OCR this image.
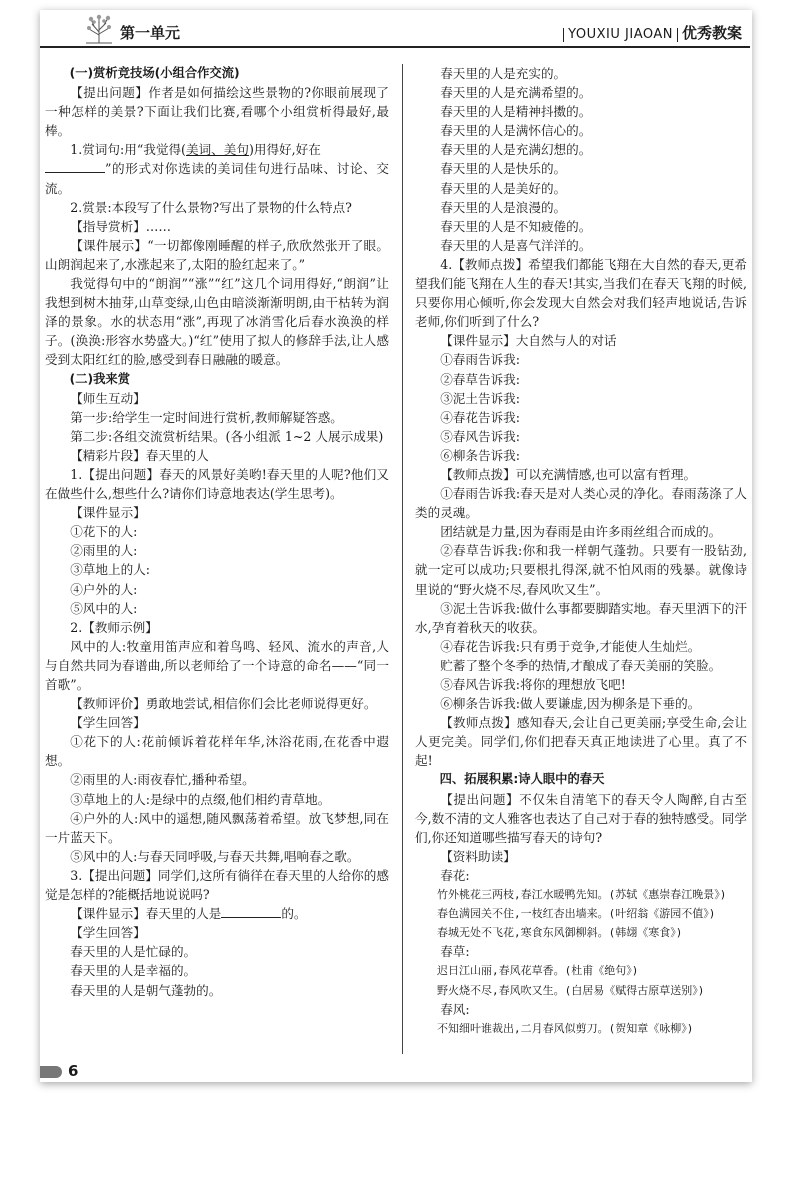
第一单元	YOUXIU JIAOAN 优秀教案

(一)赏析竞技场(小组合作交流)

【提出问题】作者是如何描绘这些景物的?你眼前展现了一种怎样的美景?下面让我们比赛,看哪个小组赏析得最好,最棒。

1.赏词句:用“我觉得(美词、美句)用得好,好在
”的形式对你选读的美词佳句进行品味、讨论、交流。

2.赏景:本段写了什么景物?写出了景物的什么特点?

【指导赏析】……

【课件展示】“一切都像刚睡醒的样子,欣欣然张开了眼。山朗润起来了,水涨起来了,太阳的脸红起来了。”

我觉得句中的“朗润”“涨”“红”这几个词用得好,“朗润”让我想到树木抽芽,山草变绿,山色由暗淡渐渐明朗,由干枯转为润泽的景象。水的状态用“涨”,再现了冰消雪化后春水涣涣的样子。(涣涣:形容水势盛大。)“红”使用了拟人的修辞手法,让人感受到太阳红红的脸,感受到春日融融的暖意。

(二)我来赏

【师生互动】

第一步:给学生一定时间进行赏析,教师解疑答惑。

第二步:各组交流赏析结果。(各小组派 1~2 人展示成果)

【精彩片段】春天里的人

1.【提出问题】春天的风景好美哟!春天里的人呢?他们又在做些什么,想些什么?请你们诗意地表达(学生思考)。

【课件显示】

①花下的人:

②雨里的人:

③草地上的人:

④户外的人:

⑤风中的人:

2.【教师示例】

风中的人:牧童用笛声应和着鸟鸣、轻风、流水的声音,人与自然共同为春谱曲,所以老师给了一个诗意的命名——“同一首歌”。

【教师评价】勇敢地尝试,相信你们会比老师说得更好。

【学生回答】

①花下的人:花前倾诉着花样年华,沐浴花雨,在花香中遐想。

②雨里的人:雨夜春忙,播种希望。

③草地上的人:是绿中的点缀,他们相约青草地。

④户外的人:风中的遥想,随风飘荡着希望。放飞梦想,同在一片蓝天下。

⑤风中的人:与春天同呼吸,与春天共舞,唱响春之歌。

3.【提出问题】同学们,这所有徜徉在春天里的人给你的感觉是怎样的?能概括地说说吗?

【课件显示】春天里的人是	的。

【学生回答】

春天里的人是忙碌的。

春天里的人是幸福的。

春天里的人是朝气蓬勃的。

春天里的人是充实的。

春天里的人是充满希望的。

春天里的人是精神抖擞的。

春天里的人是满怀信心的。

春天里的人是充满幻想的。

春天里的人是快乐的。

春天里的人是美好的。

春天里的人是浪漫的。

春天里的人是不知疲倦的。

春天里的人是喜气洋洋的。

4.【教师点拨】希望我们都能飞翔在大自然的春天,更希望我们能飞翔在人生的春天!其实,当我们在春天飞翔的时候,只要你用心倾听,你会发现大自然会对我们轻声地说话,告诉老师,你们听到了什么?

【课件显示】大自然与人的对话

①春雨告诉我:

②春草告诉我:

③泥土告诉我:

④春花告诉我:

⑤春风告诉我:

⑥柳条告诉我:

【教师点拨】可以充满情感,也可以富有哲理。

①春雨告诉我:春天是对人类心灵的净化。春雨荡涤了人类的灵魂。

团结就是力量,因为春雨是由许多雨丝组合而成的。

②春草告诉我:你和我一样朝气蓬勃。只要有一股钻劲,就一定可以成功;只要根扎得深,就不怕风雨的残暴。就像诗里说的“野火烧不尽,春风吹又生”。

③泥土告诉我:做什么事都要脚踏实地。春天里洒下的汗水,孕育着秋天的收获。

④春花告诉我:只有勇于竞争,才能使人生灿烂。

贮蓄了整个冬季的热情,才酿成了春天美丽的笑脸。

⑤春风告诉我:将你的理想放飞吧!

⑥柳条告诉我:做人要谦虚,因为柳条是下垂的。

【教师点拨】感知春天,会让自己更美丽;享受生命,会让人更完美。同学们,你们把春天真正地读进了心里。真了不起!

四、拓展积累:诗人眼中的春天

【提出问题】不仅朱自清笔下的春天令人陶醉,自古至今,数不清的文人雅客也表达了自己对于春的独特感受。同学们,你还知道哪些描写春天的诗句?

【资料助读】

春花:

竹外桃花三两枝,春江水暖鸭先知。(苏轼《惠崇春江晚景》)

春色满园关不住,一枝红杏出墙来。(叶绍翁《游园不值》)

春城无处不飞花,寒食东风御柳斜。(韩翃《寒食》)

春草:

迟日江山丽,春风花草香。(杜甫《绝句》)

野火烧不尽,春风吹又生。(白居易《赋得古原草送别》)

春风:

不知细叶谁裁出,二月春风似剪刀。(贺知章《咏柳》)

6
